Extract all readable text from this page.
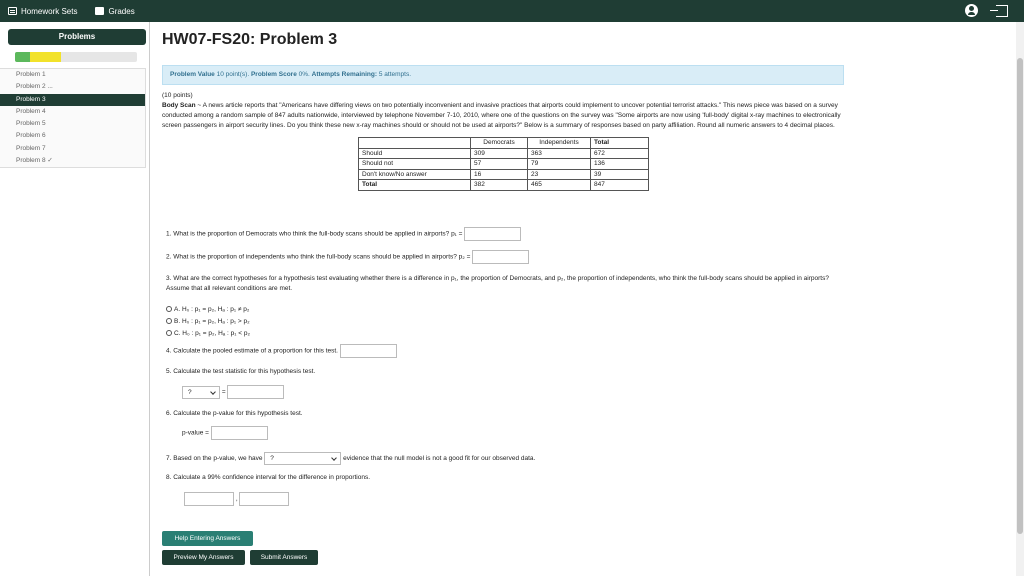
Homework Sets	Grades
Problems
Problem 1
Problem 2 ...
Problem 3
Problem 4
Problem 5
Problem 6
Problem 7
Problem 8 ✓
HW07-FS20: Problem 3
Problem Value 10 point(s). Problem Score 0%. Attempts Remaining: 5 attempts.
(10 points)
Body Scan ~ A news article reports that "Americans have differing views on two potentially inconvenient and invasive practices that airports could implement to uncover potential terrorist attacks." This news piece was based on a survey conducted among a random sample of 847 adults nationwide, interviewed by telephone November 7-10, 2010, where one of the questions on the survey was "Some airports are now using 'full-body' digital x-ray machines to electronically screen passengers in airport security lines. Do you think these new x-ray machines should or should not be used at airports?" Below is a summary of responses based on party affiliation. Round all numeric answers to 4 decimal places.
	Democrats	Independents	Total
Should	309	363	672
Should not	57	79	136
Don't know/No answer	16	23	39
Total	382	465	847
1. What is the proportion of Democrats who think the full-body scans should be applied in airports? p₁ =
2. What is the proportion of independents who think the full-body scans should be applied in airports? p₂ =
3. What are the correct hypotheses for a hypothesis test evaluating whether there is a difference in p₁, the proportion of Democrats, and p₂, the proportion of independents, who think the full-body scans should be applied in airports? Assume that all relevant conditions are met.
A. H₀ : p₁ = p₂, Hₐ : p₁ ≠ p₂
B. H₀ : p₁ = p₂, Hₐ : p₁ > p₂
C. H₀ : p₁ = p₂, Hₐ : p₁ < p₂
4. Calculate the pooled estimate of a proportion for this test.
5. Calculate the test statistic for this hypothesis test.
?	=
6. Calculate the p-value for this hypothesis test.
p-value =
7. Based on the p-value, we have ?	evidence that the null model is not a good fit for our observed data.
8. Calculate a 99% confidence interval for the difference in proportions.
,
Help Entering Answers
Preview My Answers	Submit Answers
